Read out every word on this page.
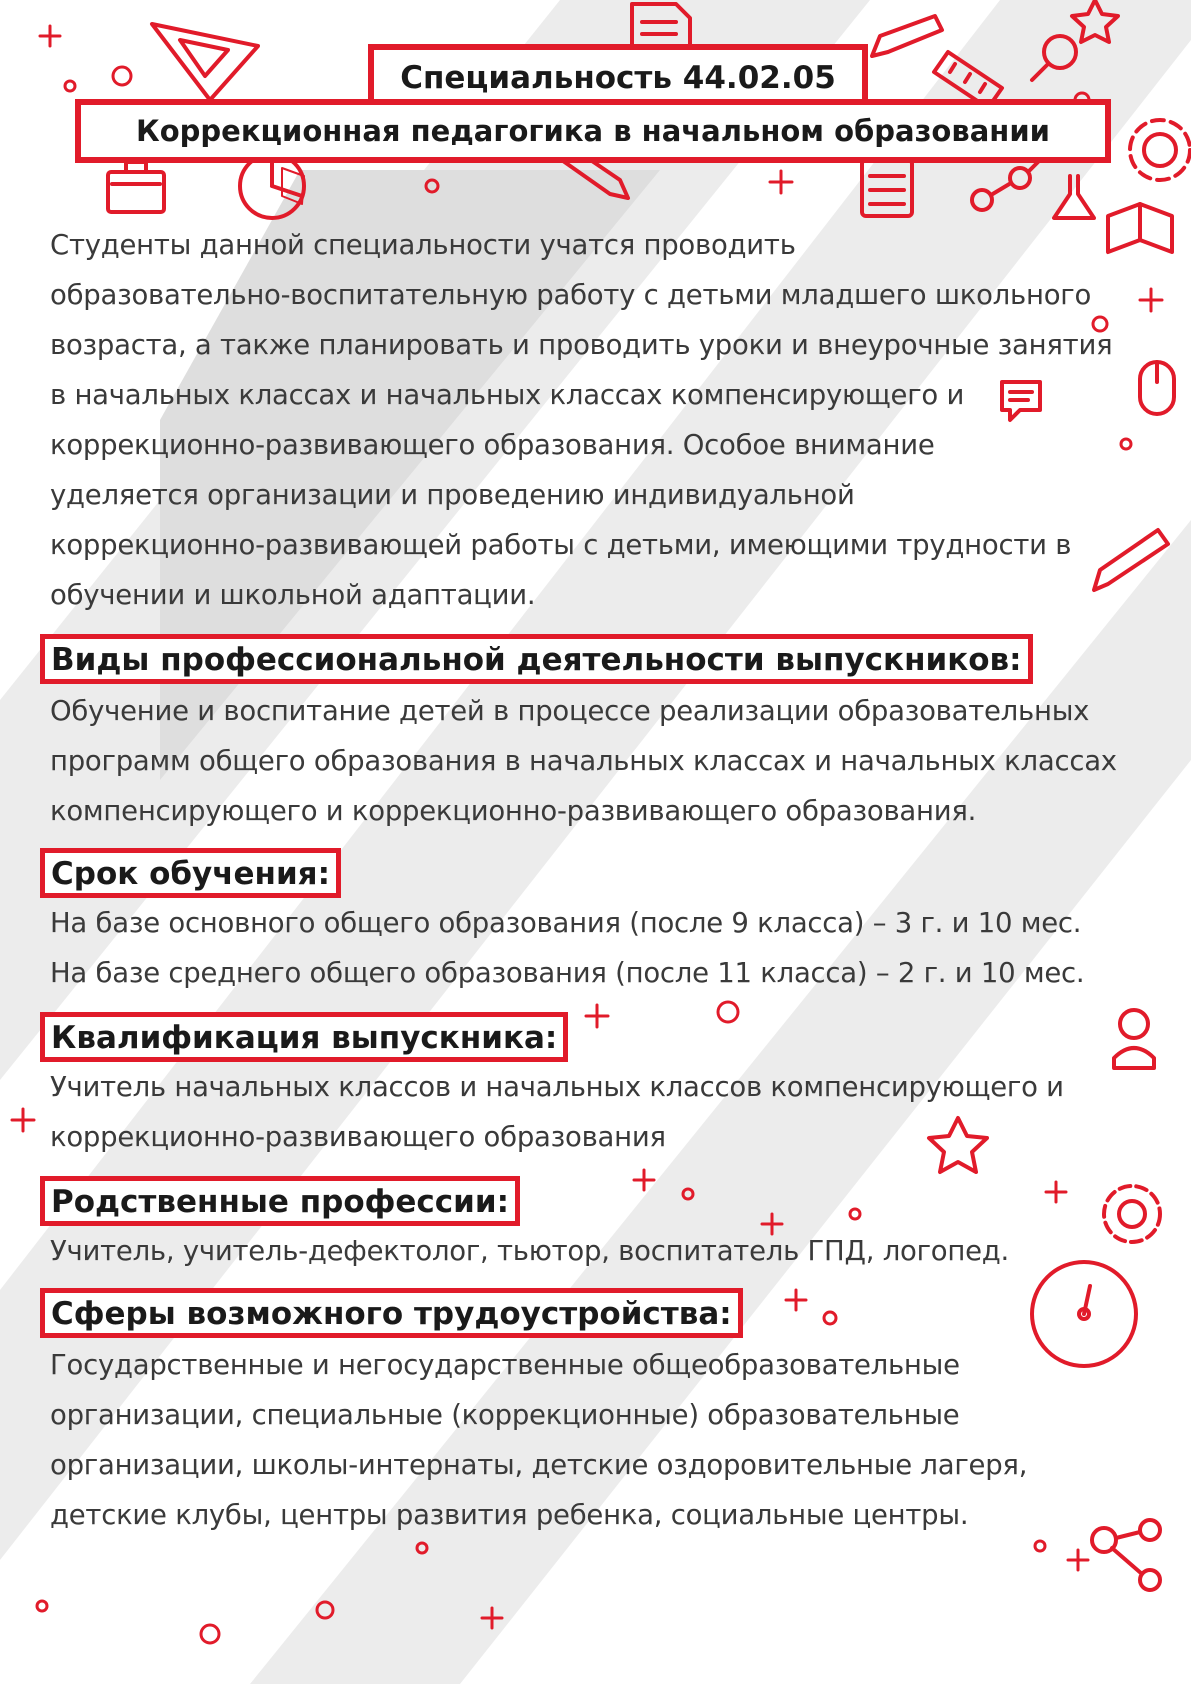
Специальность 44.02.05
Коррекционная педагогика в начальном образовании

Студенты данной специальности учатся проводить
образовательно-воспитательную работу с детьми младшего школьного
возраста, а также планировать и проводить уроки и внеурочные занятия
в начальных классах и начальных классах компенсирующего и
коррекционно-развивающего образования. Особое внимание
уделяется организации и проведению индивидуальной
коррекционно-развивающей работы с детьми, имеющими трудности в
обучении и школьной адаптации.

Виды профессиональной деятельности выпускников:

Обучение и воспитание детей в процессе реализации образовательных
программ общего образования в начальных классах и начальных классах
компенсирующего и коррекционно-развивающего образования.

Срок обучения:

На базе основного общего образования (после 9 класса) – 3 г. и 10 мес.
На базе среднего общего образования (после 11 класса) – 2 г. и 10 мес.

Квалификация выпускника:

Учитель начальных классов и начальных классов компенсирующего и
коррекционно-развивающего образования

Родственные профессии:

Учитель, учитель-дефектолог, тьютор, воспитатель ГПД, логопед.

Сферы возможного трудоустройства:

Государственные и негосударственные общеобразовательные
организации, специальные (коррекционные) образовательные
организации, школы-интернаты, детские оздоровительные лагеря,
детские клубы, центры развития ребенка, социальные центры.
